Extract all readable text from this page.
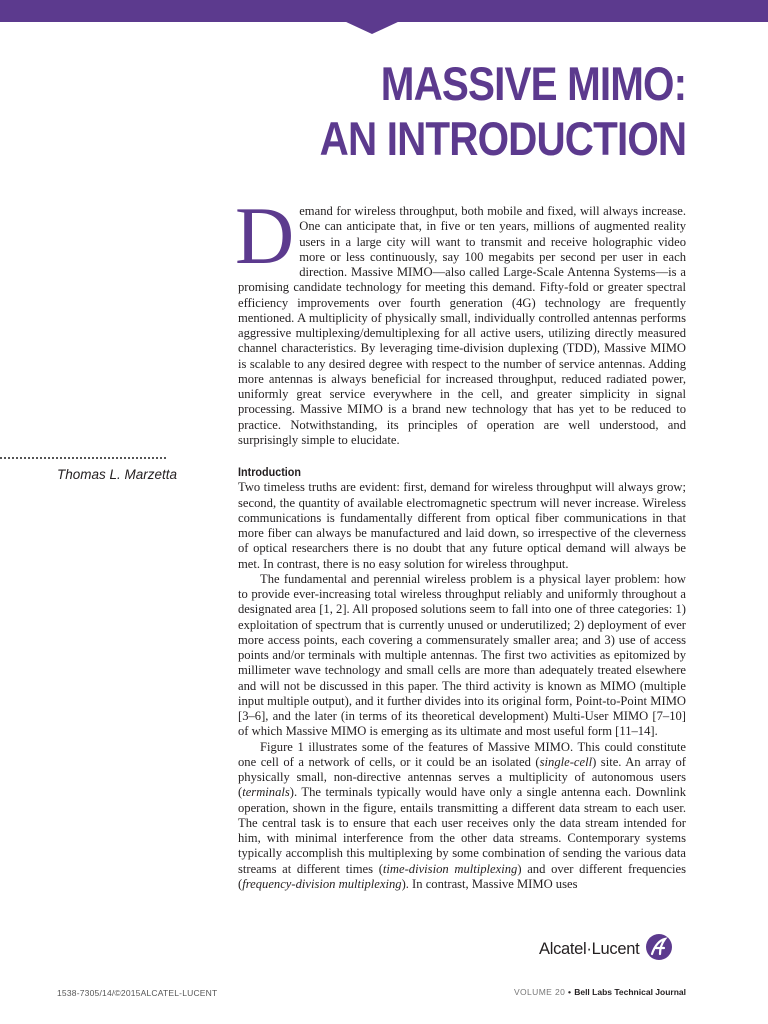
MASSIVE MIMO:
AN INTRODUCTION
Demand for wireless throughput, both mobile and fixed, will always increase. One can anticipate that, in five or ten years, millions of augmented reality users in a large city will want to transmit and receive holographic video more or less continuously, say 100 megabits per second per user in each direction. Massive MIMO—also called Large-Scale Antenna Systems—is a promising candidate technology for meeting this demand. Fifty-fold or greater spectral efficiency improvements over fourth generation (4G) technology are frequently mentioned. A multiplicity of physically small, individually controlled antennas performs aggressive multiplexing/demultiplexing for all active users, utilizing directly measured channel characteristics. By leveraging time-division duplexing (TDD), Massive MIMO is scalable to any desired degree with respect to the number of service antennas. Adding more antennas is always beneficial for increased throughput, reduced radiated power, uniformly great service everywhere in the cell, and greater simplicity in signal processing. Massive MIMO is a brand new technology that has yet to be reduced to practice. Notwithstanding, its principles of operation are well understood, and surprisingly simple to elucidate.
Thomas L. Marzetta	Introduction

Two timeless truths are evident: first, demand for wireless throughput will always grow; second, the quantity of available electromagnetic spectrum will never increase. Wireless communications is fundamentally different from optical fiber communications in that more fiber can always be manufactured and laid down, so irrespective of the cleverness of optical researchers there is no doubt that any future optical demand will always be met. In contrast, there is no easy solution for wireless throughput.

The fundamental and perennial wireless problem is a physical layer problem: how to provide ever-increasing total wireless throughput reliably and uniformly throughout a designated area [1, 2]. All proposed solutions seem to fall into one of three categories: 1) exploitation of spectrum that is currently unused or underutilized; 2) deployment of ever more access points, each covering a commensurately smaller area; and 3) use of access points and/or terminals with multiple antennas. The first two activities as epitomized by millimeter wave technology and small cells are more than adequately treated elsewhere and will not be discussed in this paper. The third activity is known as MIMO (multiple input multiple output), and it further divides into its original form, Point-to-Point MIMO [3–6], and the later (in terms of its theoretical development) Multi-User MIMO [7–10] of which Massive MIMO is emerging as its ultimate and most useful form [11–14].

Figure 1 illustrates some of the features of Massive MIMO. This could constitute one cell of a network of cells, or it could be an isolated (single-cell) site. An array of physically small, non-directive antennas serves a multiplicity of autonomous users (terminals). The terminals typically would have only a single antenna each. Downlink operation, shown in the figure, entails transmitting a different data stream to each user. The central task is to ensure that each user receives only the data stream intended for him, with minimal interference from the other data streams. Contemporary systems typically accomplish this multiplexing by some combination of sending the various data streams at different times (time-division multiplexing) and over different frequencies (frequency-division multiplexing). In contrast, Massive MIMO uses

Alcatel·Lucent
1538-7305/14/©2015ALCATEL-LUCENT	VOLUME 20 • Bell Labs Technical Journal
